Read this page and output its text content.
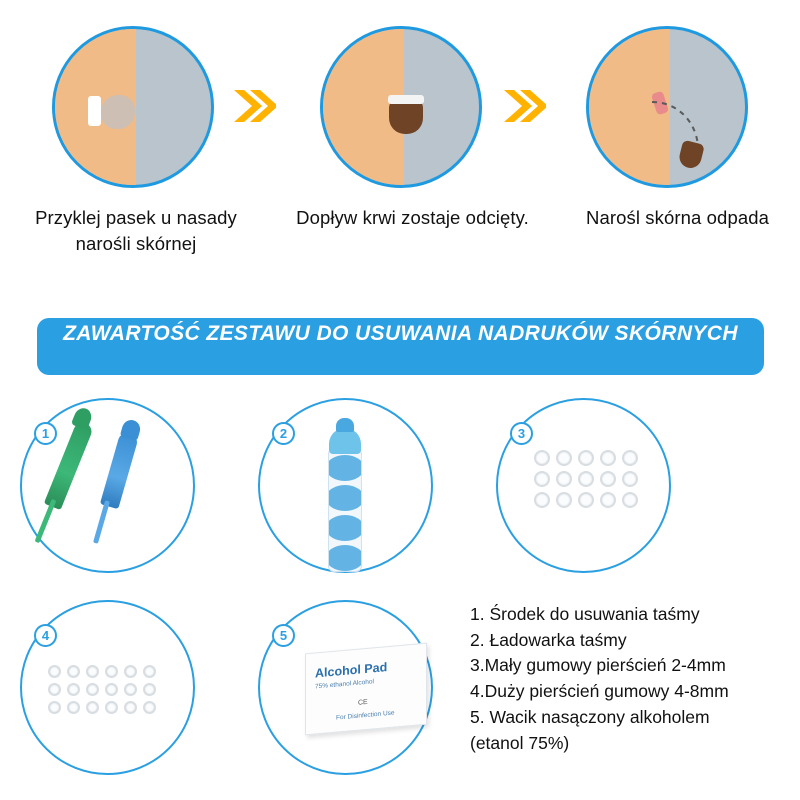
Przyklej pasek u nasady narośli skórnej
Dopływ krwi zostaje odcięty.	Narośl skórna odpada
ZAWARTOŚĆ ZESTAWU DO USUWANIA NADRUKÓW SKÓRNYCH
1	2	3
4
Alcohol Pad
75% ethanol Alcohol
CE
For Disinfection Use
5
1. Środek do usuwania taśmy
2. Ładowarka taśmy
3.Mały gumowy pierścień 2-4mm
4.Duży pierścień gumowy 4-8mm
5. Wacik nasączony alkoholem
(etanol 75%)
